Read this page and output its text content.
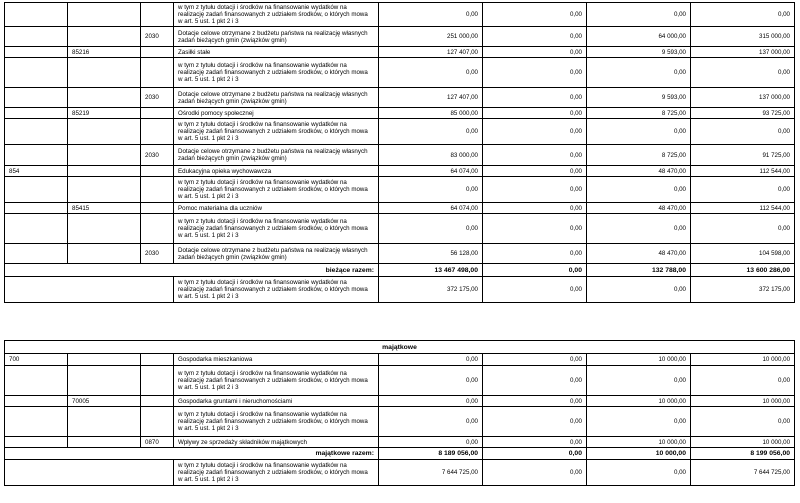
			w tym z tytułu dotacji i środków na finansowanie wydatków na realizację zadań finansowanych z udziałem środków, o których mowa w art. 5 ust. 1 pkt 2 i 3	0,00	0,00	0,00	0,00
		2030	Dotacje celowe otrzymane z budżetu państwa na realizację własnych zadań bieżących gmin (związków gmin)	251 000,00	0,00	64 000,00	315 000,00
	85216		Zasiłki stałe	127 407,00	0,00	9 593,00	137 000,00
			w tym z tytułu dotacji i środków na finansowanie wydatków na realizację zadań finansowanych z udziałem środków, o których mowa w art. 5 ust. 1 pkt 2 i 3	0,00	0,00	0,00	0,00
		2030	Dotacje celowe otrzymane z budżetu państwa na realizację własnych zadań bieżących gmin (związków gmin)	127 407,00	0,00	9 593,00	137 000,00
	85219		Ośrodki pomocy społecznej	85 000,00	0,00	8 725,00	93 725,00
			w tym z tytułu dotacji i środków na finansowanie wydatków na realizację zadań finansowanych z udziałem środków, o których mowa w art. 5 ust. 1 pkt 2 i 3	0,00	0,00	0,00	0,00
		2030	Dotacje celowe otrzymane z budżetu państwa na realizację własnych zadań bieżących gmin (związków gmin)	83 000,00	0,00	8 725,00	91 725,00
854			Edukacyjna opieka wychowawcza	64 074,00	0,00	48 470,00	112 544,00
			w tym z tytułu dotacji i środków na finansowanie wydatków na realizację zadań finansowanych z udziałem środków, o których mowa w art. 5 ust. 1 pkt 2 i 3	0,00	0,00	0,00	0,00
	85415		Pomoc materialna dla uczniów	64 074,00	0,00	48 470,00	112 544,00
			w tym z tytułu dotacji i środków na finansowanie wydatków na realizację zadań finansowanych z udziałem środków, o których mowa w art. 5 ust. 1 pkt 2 i 3	0,00	0,00	0,00	0,00
		2030	Dotacje celowe otrzymane z budżetu państwa na realizację własnych zadań bieżących gmin (związków gmin)	56 128,00	0,00	48 470,00	104 598,00
bieżące razem:				13 467 498,00	0,00	132 788,00	13 600 286,00
			w tym z tytułu dotacji i środków na finansowanie wydatków na realizację zadań finansowanych z udziałem środków, o których mowa w art. 5 ust. 1 pkt 2 i 3	372 175,00	0,00	0,00	372 175,00
majątkowe							
700			Gospodarka mieszkaniowa	0,00	0,00	10 000,00	10 000,00
			w tym z tytułu dotacji i środków na finansowanie wydatków na realizację zadań finansowanych z udziałem środków, o których mowa w art. 5 ust. 1 pkt 2 i 3	0,00	0,00	0,00	0,00
	70005		Gospodarka gruntami i nieruchomościami	0,00	0,00	10 000,00	10 000,00
			w tym z tytułu dotacji i środków na finansowanie wydatków na realizację zadań finansowanych z udziałem środków, o których mowa w art. 5 ust. 1 pkt 2 i 3	0,00	0,00	0,00	0,00
		0870	Wpływy ze sprzedaży składników majątkowych	0,00	0,00	10 000,00	10 000,00
majątkowe razem:				8 189 056,00	0,00	10 000,00	8 199 056,00
			w tym z tytułu dotacji i środków na finansowanie wydatków na realizację zadań finansowanych z udziałem środków, o których mowa w art. 5 ust. 1 pkt 2 i 3	7 644 725,00	0,00	0,00	7 644 725,00
